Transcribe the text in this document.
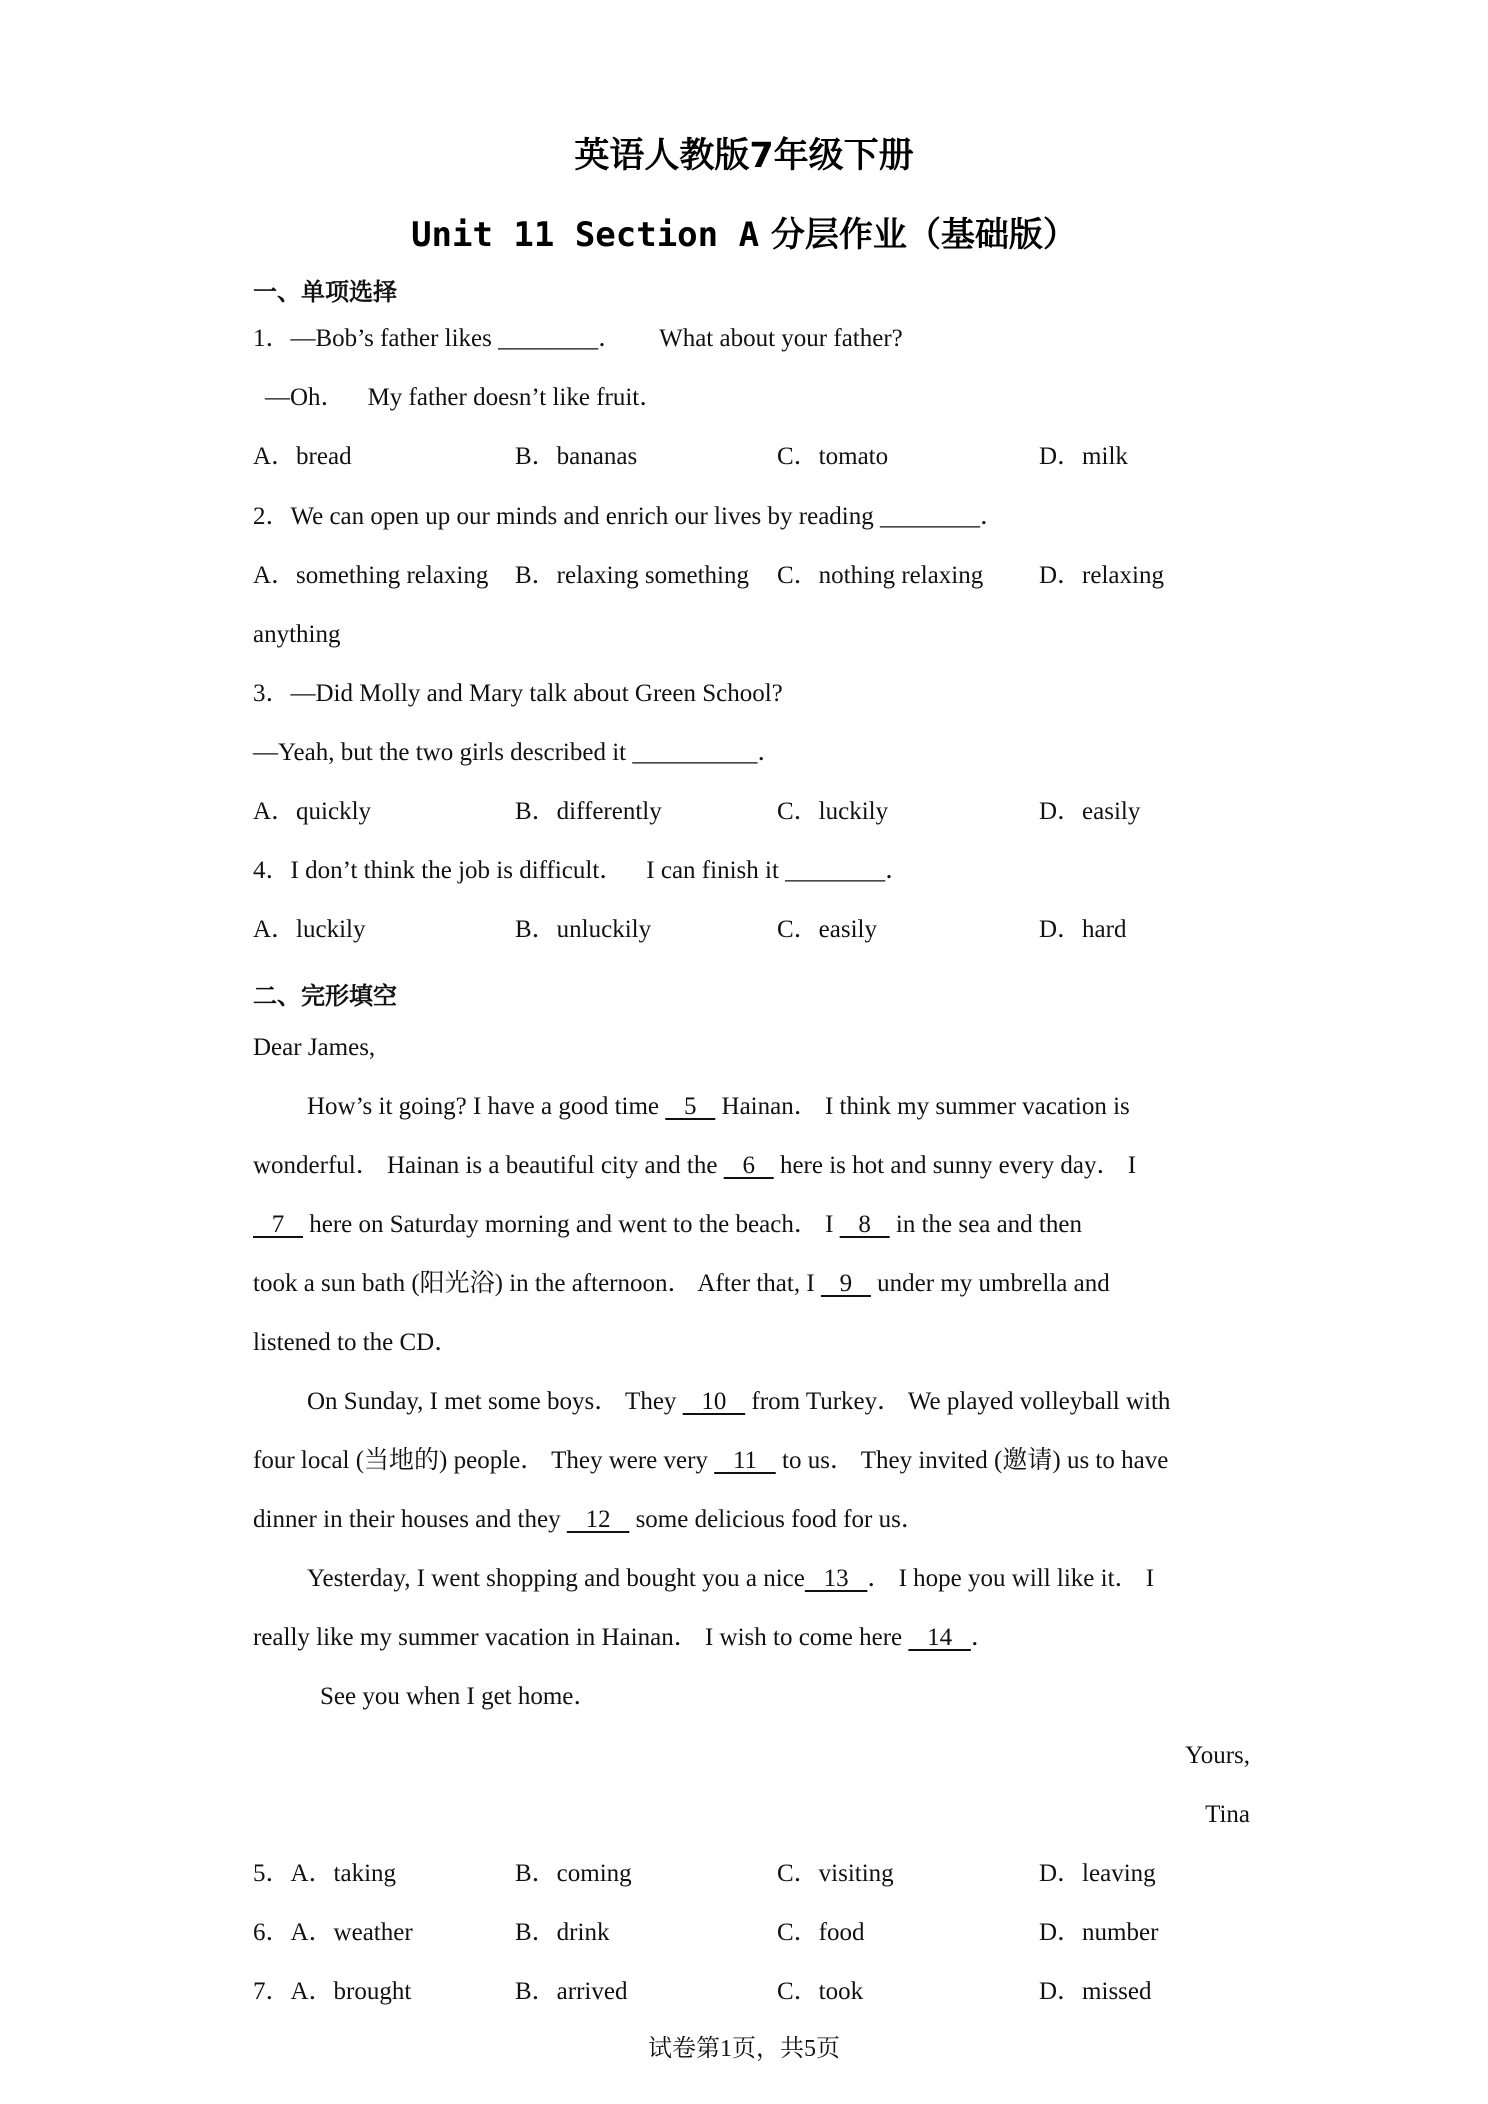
英语人教版7年级下册
Unit 11 Section A 分层作业（基础版）
一、单项选择
1．—Bob’s father likes ________． What about your father?
—Oh． My father doesn’t like fruit．
A．bread	B．bananas	C．tomato	D．milk
2．We can open up our minds and enrich our lives by reading ________．
A．something relaxing B．relaxing something C．nothing relaxing D．relaxing
anything
3．—Did Molly and Mary talk about Green School?
—Yeah, but the two girls described it __________．
A．quickly	B．differently	C．luckily	D．easily
4．I don’t think the job is difficult． I can finish it ________．
A．luckily	B．unluckily	C．easily	D．hard
二、完形填空
Dear James,
How’s it going? I have a good time    5    Hainan． I think my summer vacation is
wonderful． Hainan is a beautiful city and the    6    here is hot and sunny every day． I
7    here on Saturday morning and went to the beach． I    8    in the sea and then
took a sun bath (阳光浴) in the afternoon． After that, I    9    under my umbrella and
listened to the CD．
On Sunday, I met some boys． They    10    from Turkey． We played volleyball with
four local (当地的) people． They were very    11    to us． They invited (邀请) us to have
dinner in their houses and they    12    some delicious food for us．
Yesterday, I went shopping and bought you a nice   13   ． I hope you will like it． I
really like my summer vacation in Hainan． I wish to come here    14   ．
See you when I get home．
Yours,
Tina
5．A．taking	B．coming	C．visiting	D．leaving
6．A．weather	B．drink	C．food	D．number
7．A．brought	B．arrived	C．took	D．missed
试卷第1页，共5页
